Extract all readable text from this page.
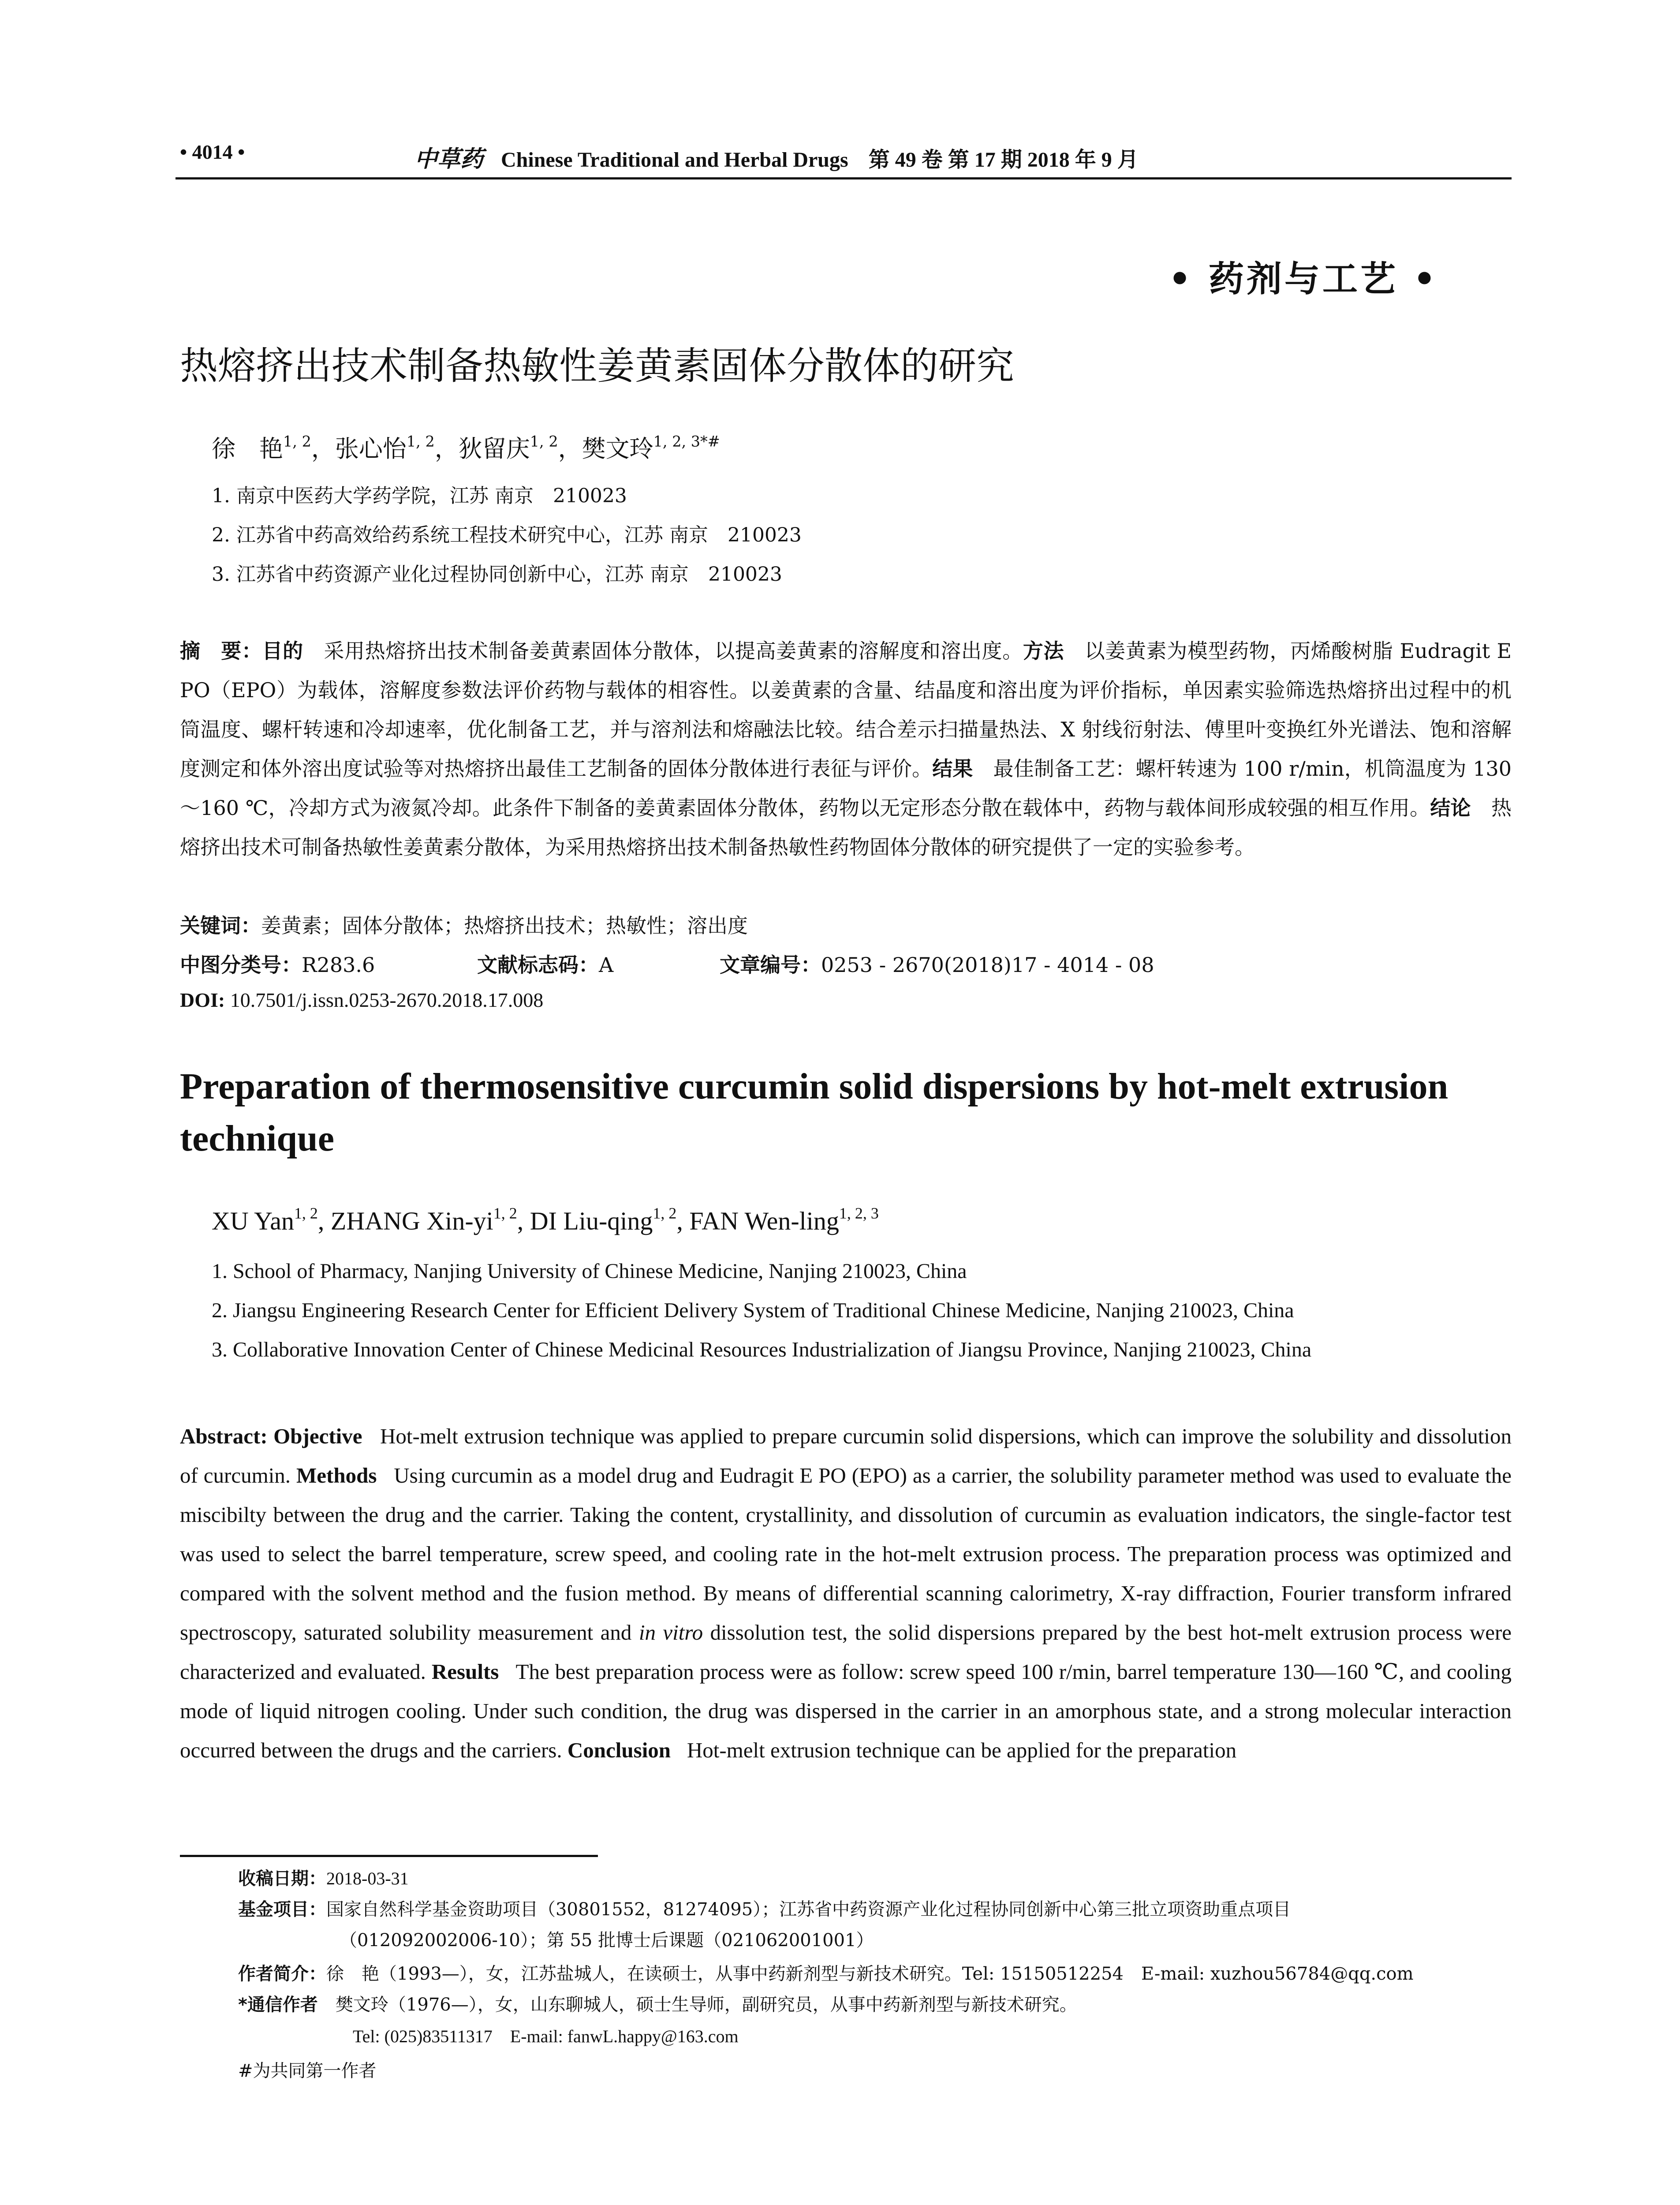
• 4014 •	中草药 Chinese Traditional and Herbal Drugs 第 49 卷 第 17 期 2018 年 9 月
• 药剂与工艺 •
热熔挤出技术制备热敏性姜黄素固体分散体的研究
徐　艳$^{1, 2}$，张心怡$^{1, 2}$，狄留庆$^{1, 2}$，樊文玲$^{1, 2, 3*\#}$
1. 南京中医药大学药学院，江苏 南京　210023
2. 江苏省中药高效给药系统工程技术研究中心，江苏 南京　210023
3. 江苏省中药资源产业化过程协同创新中心，江苏 南京　210023
摘　要：目的　 采用热熔挤出技术制备姜黄素固体分散体，以提高姜黄素的溶解度和溶出度。方法　 以姜黄素为模型药物，丙烯酸树脂 Eudragit E PO（EPO）为载体，溶解度参数法评价药物与载体的相容性。以姜黄素的含量、结晶度和溶出度为评价指标，单因素实验筛选热熔挤出过程中的机筒温度、螺杆转速和冷却速率，优化制备工艺，并与溶剂法和熔融法比较。结合差示扫描量热法、X 射线衍射法、傅里叶变换红外光谱法、饱和溶解度测定和体外溶出度试验等对热熔挤出最佳工艺制备的固体分散体进行表征与评价。结果　 最佳制备工艺：螺杆转速为 100 r/min，机筒温度为 130～160 ℃，冷却方式为液氮冷却。此条件下制备的姜黄素固体分散体，药物以无定形态分散在载体中，药物与载体间形成较强的相互作用。结论　 热熔挤出技术可制备热敏性姜黄素分散体，为采用热熔挤出技术制备热敏性药物固体分散体的研究提供了一定的实验参考。
关键词：姜黄素；固体分散体；热熔挤出技术；热敏性；溶出度
中图分类号：R283.6	文献标志码：A	文章编号：0253 - 2670(2018)17 - 4014 - 08
DOI: 10.7501/j.issn.0253-2670.2018.17.008
Preparation of thermosensitive curcumin solid dispersions by hot-melt extrusion technique
XU Yan$^{1, 2}$, ZHANG Xin-yi$^{1, 2}$, DI Liu-qing$^{1, 2}$, FAN Wen-ling$^{1, 2, 3}$
1. School of Pharmacy, Nanjing University of Chinese Medicine, Nanjing 210023, China
2. Jiangsu Engineering Research Center for Efficient Delivery System of Traditional Chinese Medicine, Nanjing 210023, China
3. Collaborative Innovation Center of Chinese Medicinal Resources Industrialization of Jiangsu Province, Nanjing 210023, China
Abstract: Objective Hot-melt extrusion technique was applied to prepare curcumin solid dispersions, which can improve the solubility and dissolution of curcumin. Methods Using curcumin as a model drug and Eudragit E PO (EPO) as a carrier, the solubility parameter method was used to evaluate the miscibilty between the drug and the carrier. Taking the content, crystallinity, and dissolution of curcumin as evaluation indicators, the single-factor test was used to select the barrel temperature, screw speed, and cooling rate in the hot-melt extrusion process. The preparation process was optimized and compared with the solvent method and the fusion method. By means of differential scanning calorimetry, X-ray diffraction, Fourier transform infrared spectroscopy, saturated solubility measurement and in vitro dissolution test, the solid dispersions prepared by the best hot-melt extrusion process were characterized and evaluated. Results The best preparation process were as follow: screw speed 100 r/min, barrel temperature 130—160 ℃, and cooling mode of liquid nitrogen cooling. Under such condition, the drug was dispersed in the carrier in an amorphous state, and a strong molecular interaction occurred between the drugs and the carriers. Conclusion Hot-melt extrusion technique can be applied for the preparation
收稿日期：2018-03-31
基金项目：国家自然科学基金资助项目（30801552，81274095）；江苏省中药资源产业化过程协同创新中心第三批立项资助重点项目
（012092002006-10）；第 55 批博士后课题（021062001001）
作者简介：徐　艳（1993—），女，江苏盐城人，在读硕士，从事中药新剂型与新技术研究。Tel: 15150512254　E-mail: xuzhou56784@qq.com
*通信作者　 樊文玲（1976—），女，山东聊城人，硕士生导师，副研究员，从事中药新剂型与新技术研究。
Tel: (025)83511317　E-mail: fanwL.happy@163.com
#为共同第一作者
